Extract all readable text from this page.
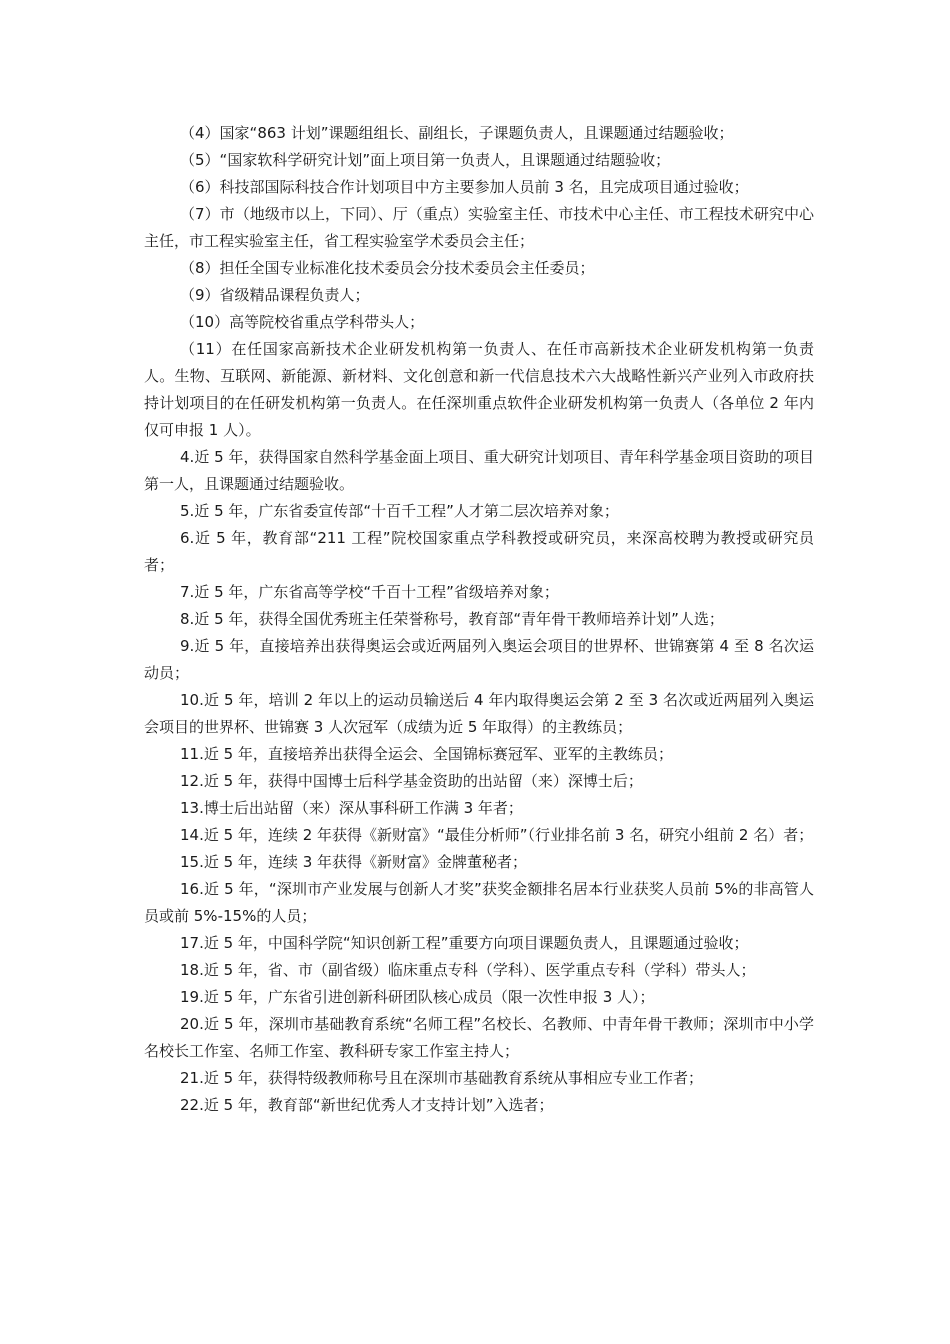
（4）国家“863 计划”课题组组长、副组长，子课题负责人，且课题通过结题验收；

（5）“国家软科学研究计划”面上项目第一负责人，且课题通过结题验收；

（6）科技部国际科技合作计划项目中方主要参加人员前 3 名，且完成项目通过验收；

（7）市（地级市以上，下同）、厅（重点）实验室主任、市技术中心主任、市工程技术研究中心主任，市工程实验室主任，省工程实验室学术委员会主任；

（8）担任全国专业标准化技术委员会分技术委员会主任委员；

（9）省级精品课程负责人；

（10）高等院校省重点学科带头人；

（11）在任国家高新技术企业研发机构第一负责人、在任市高新技术企业研发机构第一负责人。生物、互联网、新能源、新材料、文化创意和新一代信息技术六大战略性新兴产业列入市政府扶持计划项目的在任研发机构第一负责人。在任深圳重点软件企业研发机构第一负责人（各单位 2 年内仅可申报 1 人）。

4.近 5 年，获得国家自然科学基金面上项目、重大研究计划项目、青年科学基金项目资助的项目第一人，且课题通过结题验收。

5.近 5 年，广东省委宣传部“十百千工程”人才第二层次培养对象；

6.近 5 年，教育部“211 工程”院校国家重点学科教授或研究员，来深高校聘为教授或研究员者；

7.近 5 年，广东省高等学校“千百十工程”省级培养对象；

8.近 5 年，获得全国优秀班主任荣誉称号，教育部“青年骨干教师培养计划”人选；

9.近 5 年，直接培养出获得奥运会或近两届列入奥运会项目的世界杯、世锦赛第 4 至 8 名次运动员；

10.近 5 年，培训 2 年以上的运动员输送后 4 年内取得奥运会第 2 至 3 名次或近两届列入奥运会项目的世界杯、世锦赛 3 人次冠军（成绩为近 5 年取得）的主教练员；

11.近 5 年，直接培养出获得全运会、全国锦标赛冠军、亚军的主教练员；

12.近 5 年，获得中国博士后科学基金资助的出站留（来）深博士后；

13.博士后出站留（来）深从事科研工作满 3 年者；

14.近 5 年，连续 2 年获得《新财富》“最佳分析师”（行业排名前 3 名，研究小组前 2 名）者；

15.近 5 年，连续 3 年获得《新财富》金牌董秘者；

16.近 5 年，“深圳市产业发展与创新人才奖”获奖金额排名居本行业获奖人员前 5%的非高管人员或前 5%-15%的人员；

17.近 5 年，中国科学院“知识创新工程”重要方向项目课题负责人，且课题通过验收；

18.近 5 年，省、市（副省级）临床重点专科（学科）、医学重点专科（学科）带头人；

19.近 5 年，广东省引进创新科研团队核心成员（限一次性申报 3 人）；

20.近 5 年，深圳市基础教育系统“名师工程”名校长、名教师、中青年骨干教师；深圳市中小学名校长工作室、名师工作室、教科研专家工作室主持人；

21.近 5 年，获得特级教师称号且在深圳市基础教育系统从事相应专业工作者；

22.近 5 年，教育部“新世纪优秀人才支持计划”入选者；
